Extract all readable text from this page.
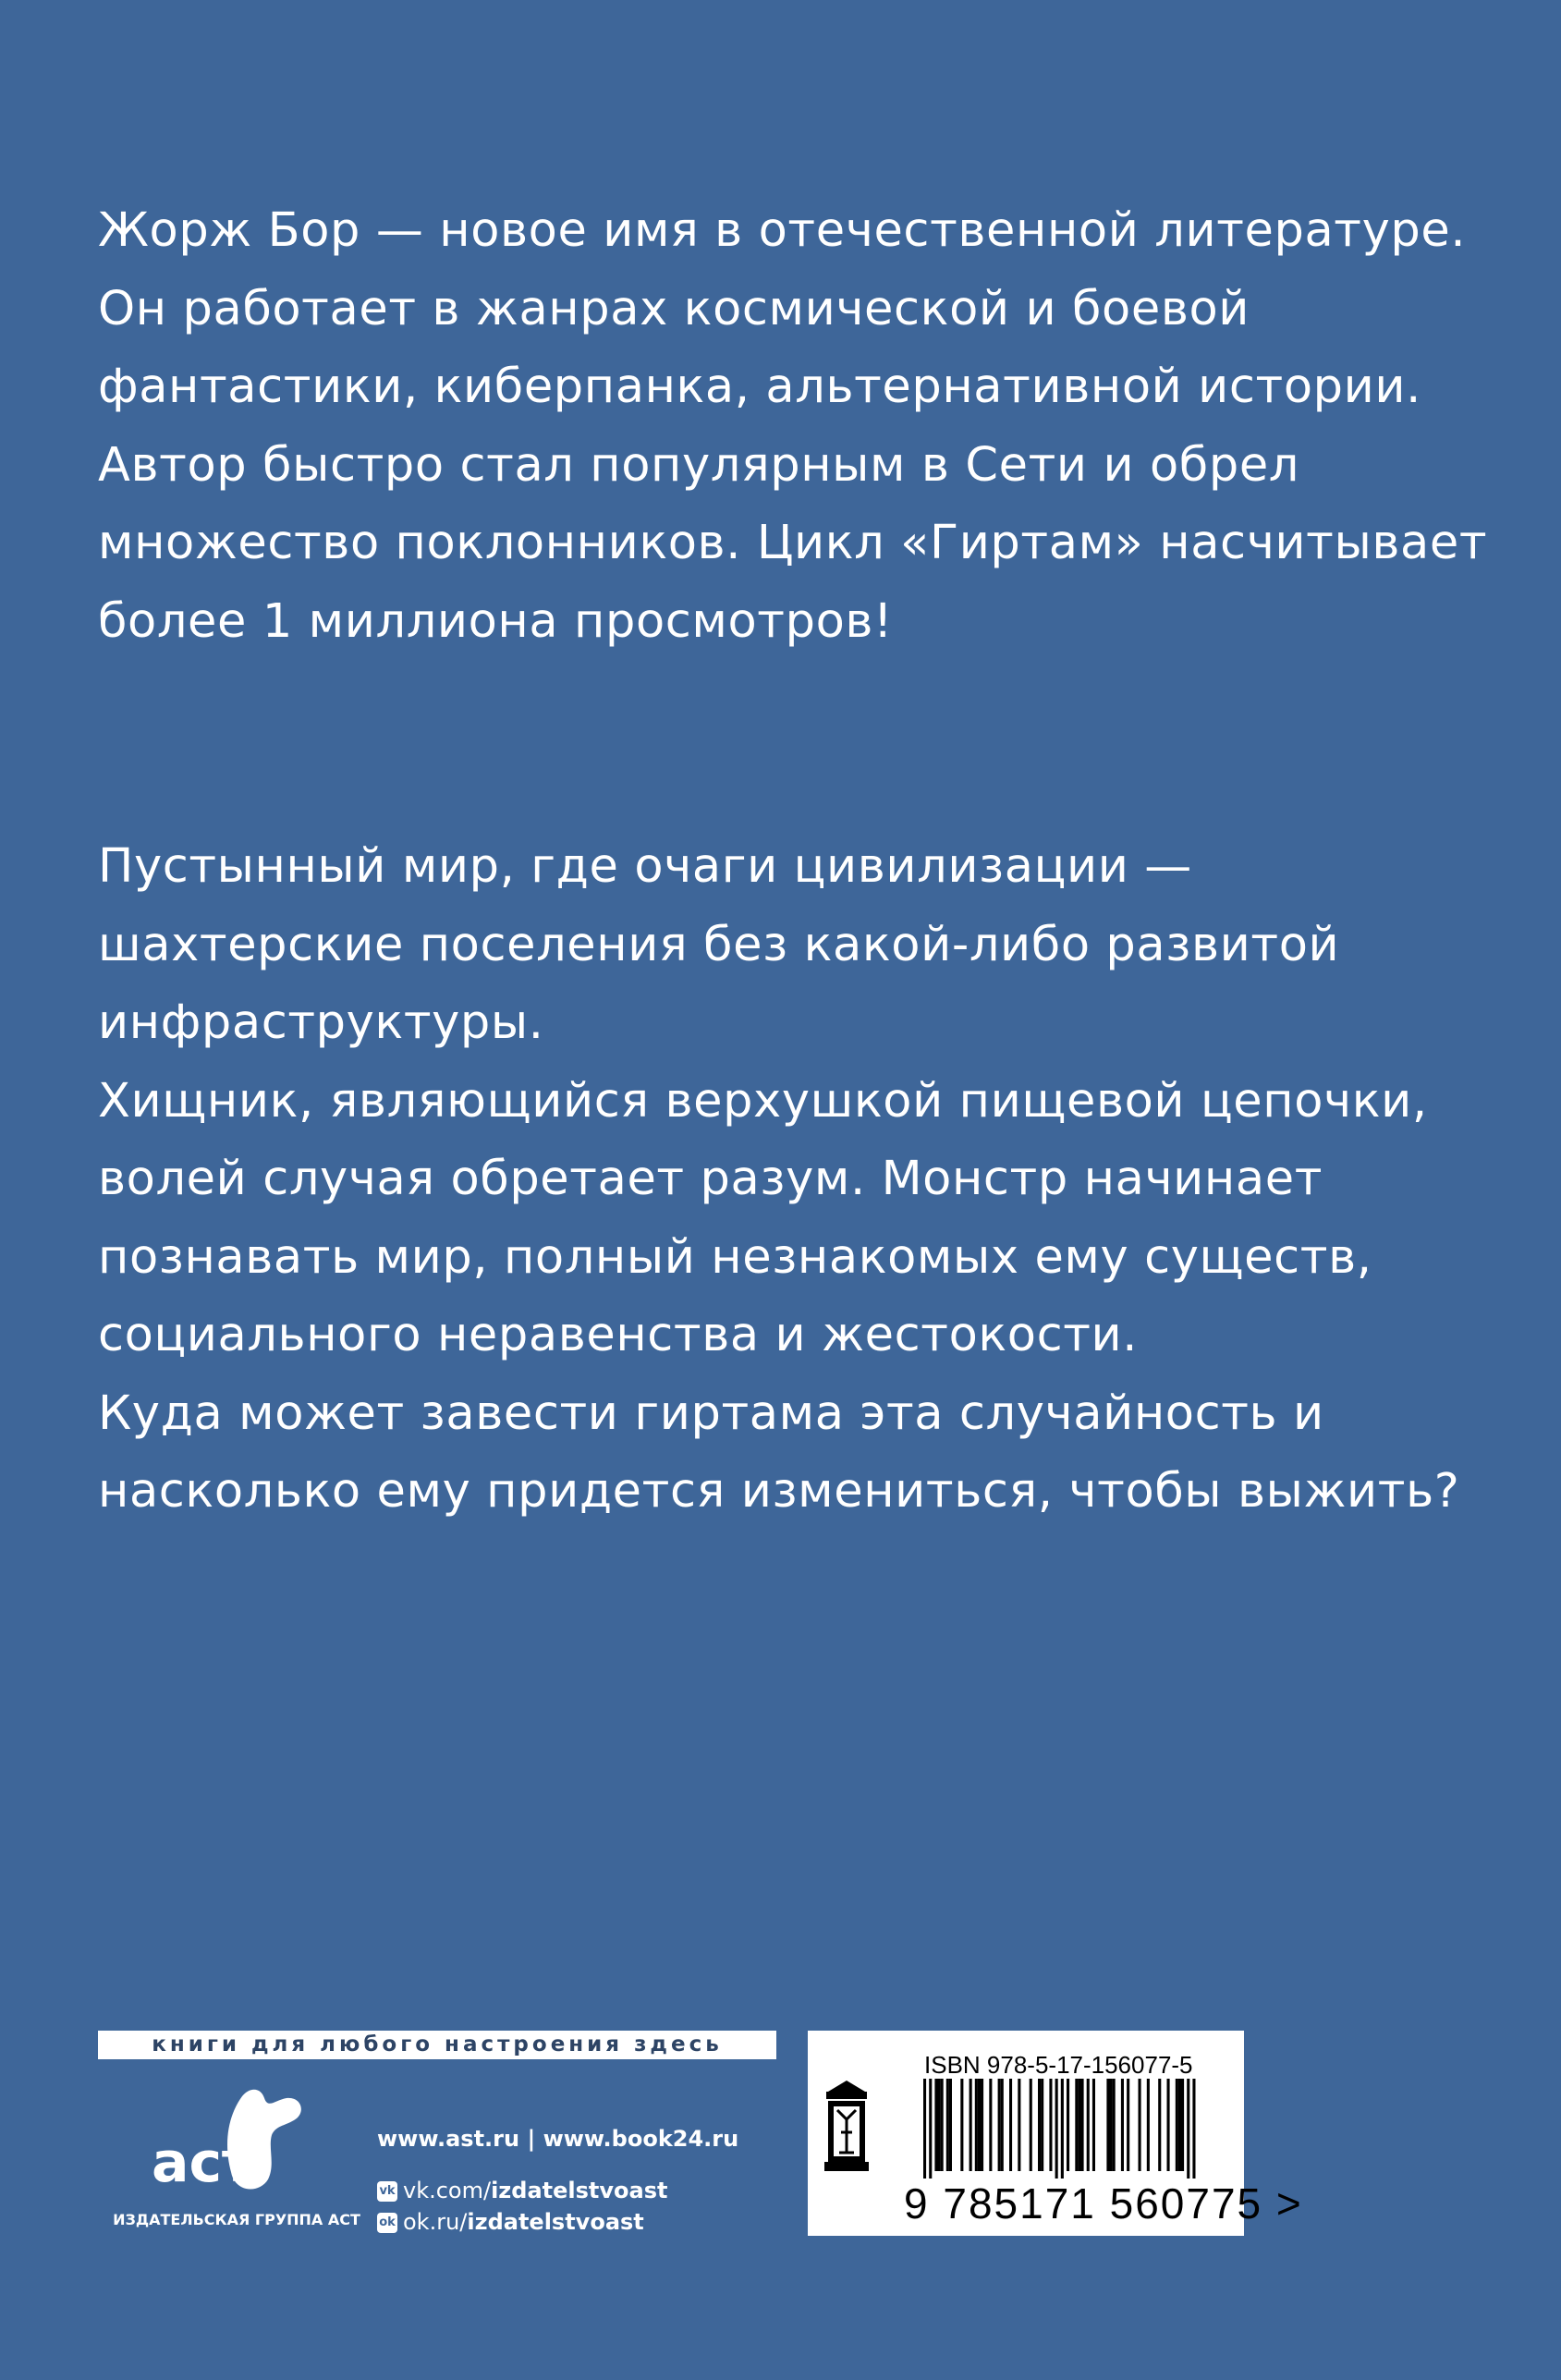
Жорж Бор — новое имя в отечественной литературе.
Он работает в жанрах космической и боевой
фантастики, киберпанка, альтернативной истории.
Автор быстро стал популярным в Сети и обрел
множество поклонников. Цикл «Гиртам» насчитывает
более 1 миллиона просмотров!
Пустынный мир, где очаги цивилизации —
шахтерские поселения без какой-либо развитой
инфраструктуры.
Хищник, являющийся верхушкой пищевой цепочки,
волей случая обретает разум. Монстр начинает
познавать мир, полный незнакомых ему существ,
социального неравенства и жестокости.
Куда может завести гиртама эта случайность и
насколько ему придется измениться, чтобы выжить?
книги для любого настроения здесь
аст
ИЗДАТЕЛЬСКАЯ ГРУППА АСТ
www.ast.ru | www.book24.ru
vk vk.com/izdatelstvoast
ok ok.ru/izdatelstvoast
ISBN 978-5-17-156077-5
9 785171 560775 >
